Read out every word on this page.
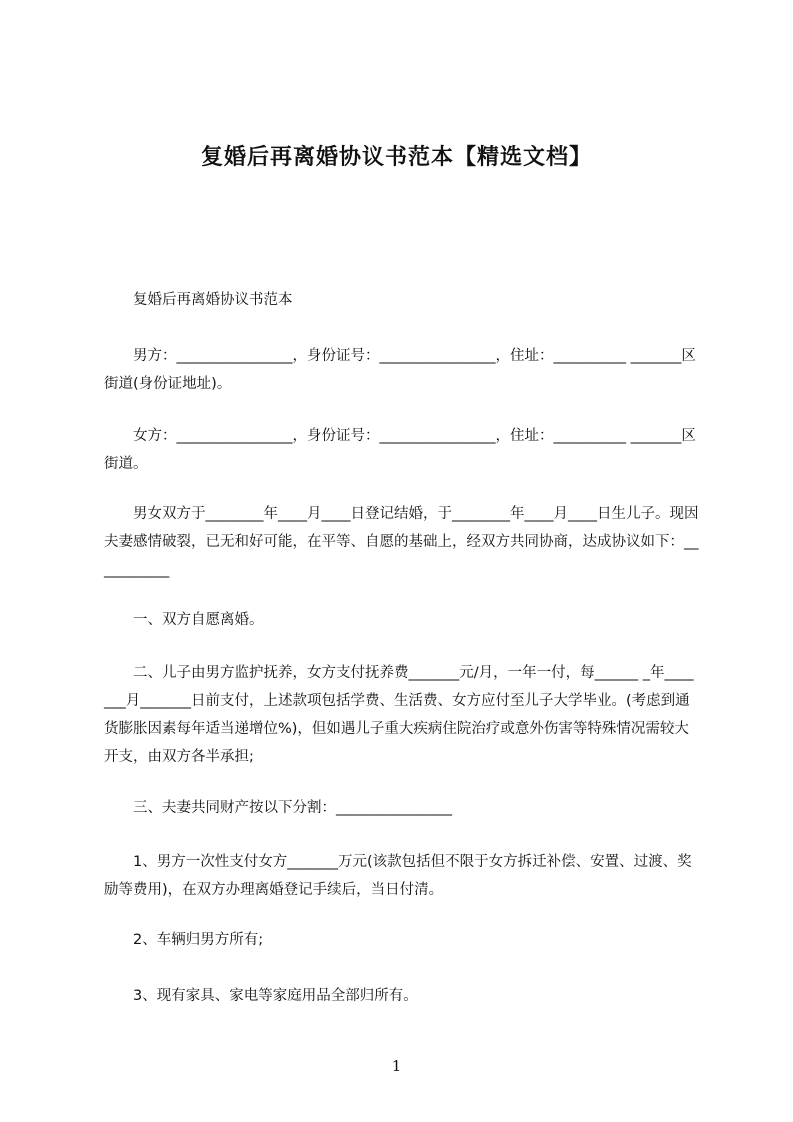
复婚后再离婚协议书范本【精选文档】
　　复婚后再离婚协议书范本
　　男方：________________，身份证号：________________，住址：__________ _______区街道(身份证地址)。
　　女方：________________，身份证号：________________，住址：__________ _______区街道。
　　男女双方于________年____月____日登记结婚，于________年____月____日生儿子。现因夫妻感情破裂，已无和好可能，在平等、自愿的基础上，经双方共同协商，达成协议如下：___________
　　一、双方自愿离婚。
　　二、儿子由男方监护抚养，女方支付抚养费_______元/月，一年一付，每______ _年_______月_______日前支付，上述款项包括学费、生活费、女方应付至儿子大学毕业。(考虑到通货膨胀因素每年适当递增位%)，但如遇儿子重大疾病住院治疗或意外伤害等特殊情况需较大开支，由双方各半承担;
　　三、夫妻共同财产按以下分割：________________
　　1、男方一次性支付女方_______万元(该款包括但不限于女方拆迁补偿、安置、过渡、奖励等费用)，在双方办理离婚登记手续后，当日付清。
　　2、车辆归男方所有;
　　3、现有家具、家电等家庭用品全部归所有。
1
